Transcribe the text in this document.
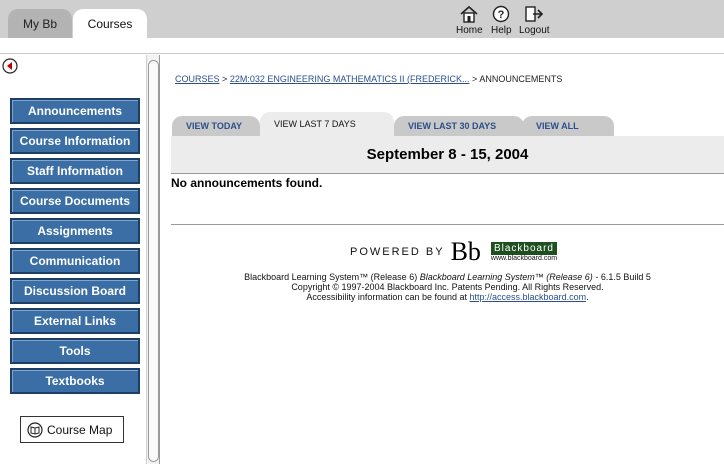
My Bb	Courses	Home
?
Help Logout
Announcements
Course Information
Staff Information
Course Documents
Assignments
Communication
Discussion Board
External Links
Tools
Textbooks
Course Map
COURSES > 22M:032 ENGINEERING MATHEMATICS II (FREDERICK... > ANNOUNCEMENTS
VIEW TODAY	VIEW LAST 7 DAYS	VIEW LAST 30 DAYS	VIEW ALL
September 8 - 15, 2004
No announcements found.
POWERED BY Bb	Blackboard
www.blackboard.com
Blackboard Learning System™ (Release 6) Blackboard Learning System™ (Release 6) - 6.1.5 Build 5
Copyright © 1997-2004 Blackboard Inc. Patents Pending. All Rights Reserved.
Accessibility information can be found at http://access.blackboard.com.
